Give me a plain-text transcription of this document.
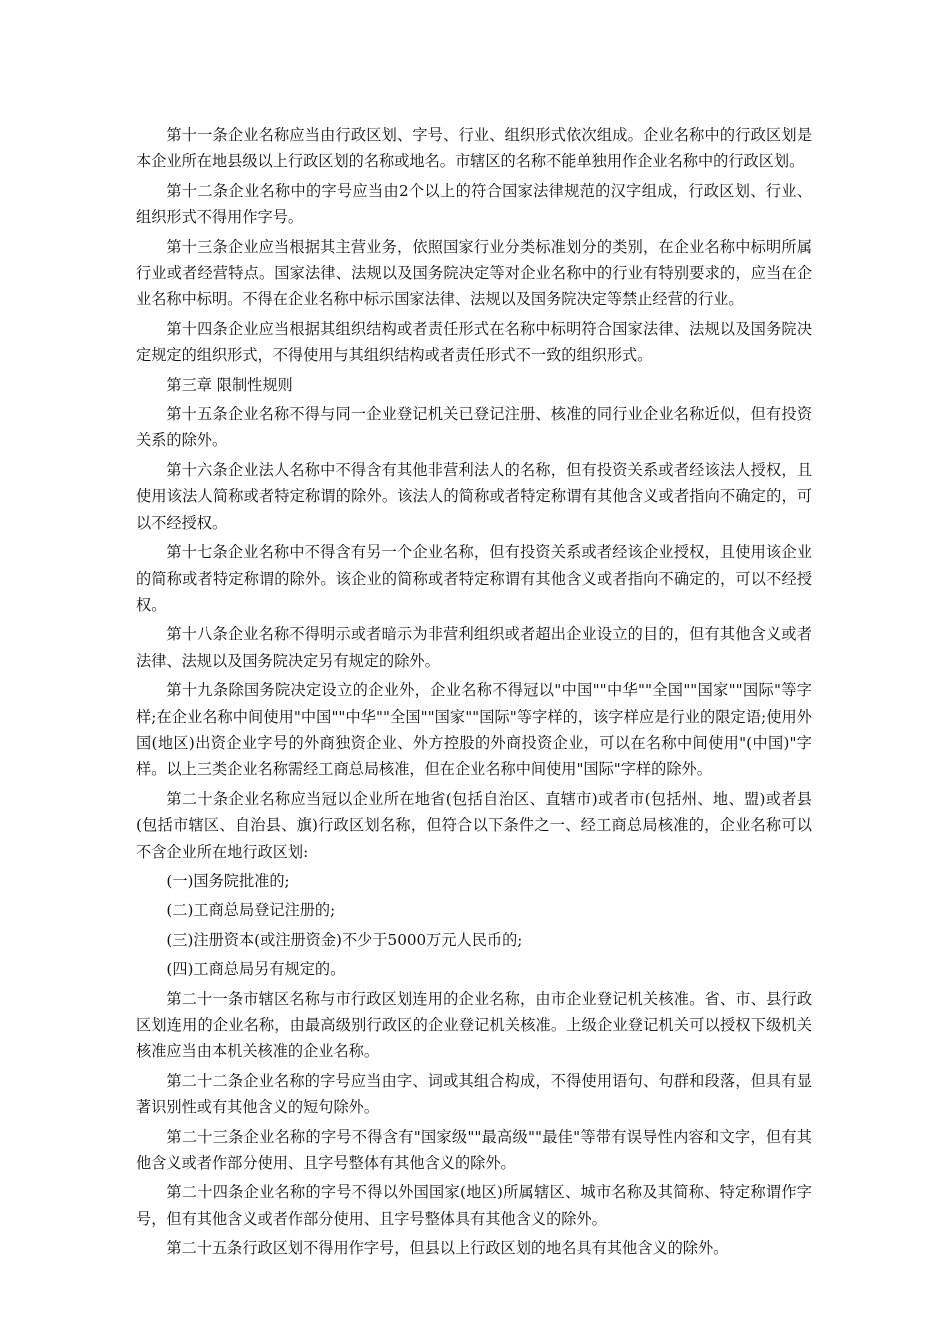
第十一条企业名称应当由行政区划、字号、行业、组织形式依次组成。企业名称中的行政区划是本企业所在地县级以上行政区划的名称或地名。市辖区的名称不能单独用作企业名称中的行政区划。

第十二条企业名称中的字号应当由2个以上的符合国家法律规范的汉字组成，行政区划、行业、组织形式不得用作字号。

第十三条企业应当根据其主营业务，依照国家行业分类标准划分的类别，在企业名称中标明所属行业或者经营特点。国家法律、法规以及国务院决定等对企业名称中的行业有特别要求的，应当在企业名称中标明。不得在企业名称中标示国家法律、法规以及国务院决定等禁止经营的行业。

第十四条企业应当根据其组织结构或者责任形式在名称中标明符合国家法律、法规以及国务院决定规定的组织形式，不得使用与其组织结构或者责任形式不一致的组织形式。

第三章 限制性规则

第十五条企业名称不得与同一企业登记机关已登记注册、核准的同行业企业名称近似，但有投资关系的除外。

第十六条企业法人名称中不得含有其他非营利法人的名称，但有投资关系或者经该法人授权，且使用该法人简称或者特定称谓的除外。该法人的简称或者特定称谓有其他含义或者指向不确定的，可以不经授权。

第十七条企业名称中不得含有另一个企业名称，但有投资关系或者经该企业授权，且使用该企业的简称或者特定称谓的除外。该企业的简称或者特定称谓有其他含义或者指向不确定的，可以不经授权。

第十八条企业名称不得明示或者暗示为非营利组织或者超出企业设立的目的，但有其他含义或者法律、法规以及国务院决定另有规定的除外。

第十九条除国务院决定设立的企业外，企业名称不得冠以"中国""中华""全国""国家""国际"等字样;在企业名称中间使用"中国""中华""全国""国家""国际"等字样的，该字样应是行业的限定语;使用外国(地区)出资企业字号的外商独资企业、外方控股的外商投资企业，可以在名称中间使用"(中国)"字样。以上三类企业名称需经工商总局核准，但在企业名称中间使用"国际"字样的除外。

第二十条企业名称应当冠以企业所在地省(包括自治区、直辖市)或者市(包括州、地、盟)或者县(包括市辖区、自治县、旗)行政区划名称，但符合以下条件之一、经工商总局核准的，企业名称可以不含企业所在地行政区划:

(一)国务院批准的;

(二)工商总局登记注册的;

(三)注册资本(或注册资金)不少于5000万元人民币的;

(四)工商总局另有规定的。

第二十一条市辖区名称与市行政区划连用的企业名称，由市企业登记机关核准。省、市、县行政区划连用的企业名称，由最高级别行政区的企业登记机关核准。上级企业登记机关可以授权下级机关核准应当由本机关核准的企业名称。

第二十二条企业名称的字号应当由字、词或其组合构成，不得使用语句、句群和段落，但具有显著识别性或有其他含义的短句除外。

第二十三条企业名称的字号不得含有"国家级""最高级""最佳"等带有误导性内容和文字，但有其他含义或者作部分使用、且字号整体有其他含义的除外。

第二十四条企业名称的字号不得以外国国家(地区)所属辖区、城市名称及其简称、特定称谓作字号，但有其他含义或者作部分使用、且字号整体具有其他含义的除外。

第二十五条行政区划不得用作字号，但县以上行政区划的地名具有其他含义的除外。
